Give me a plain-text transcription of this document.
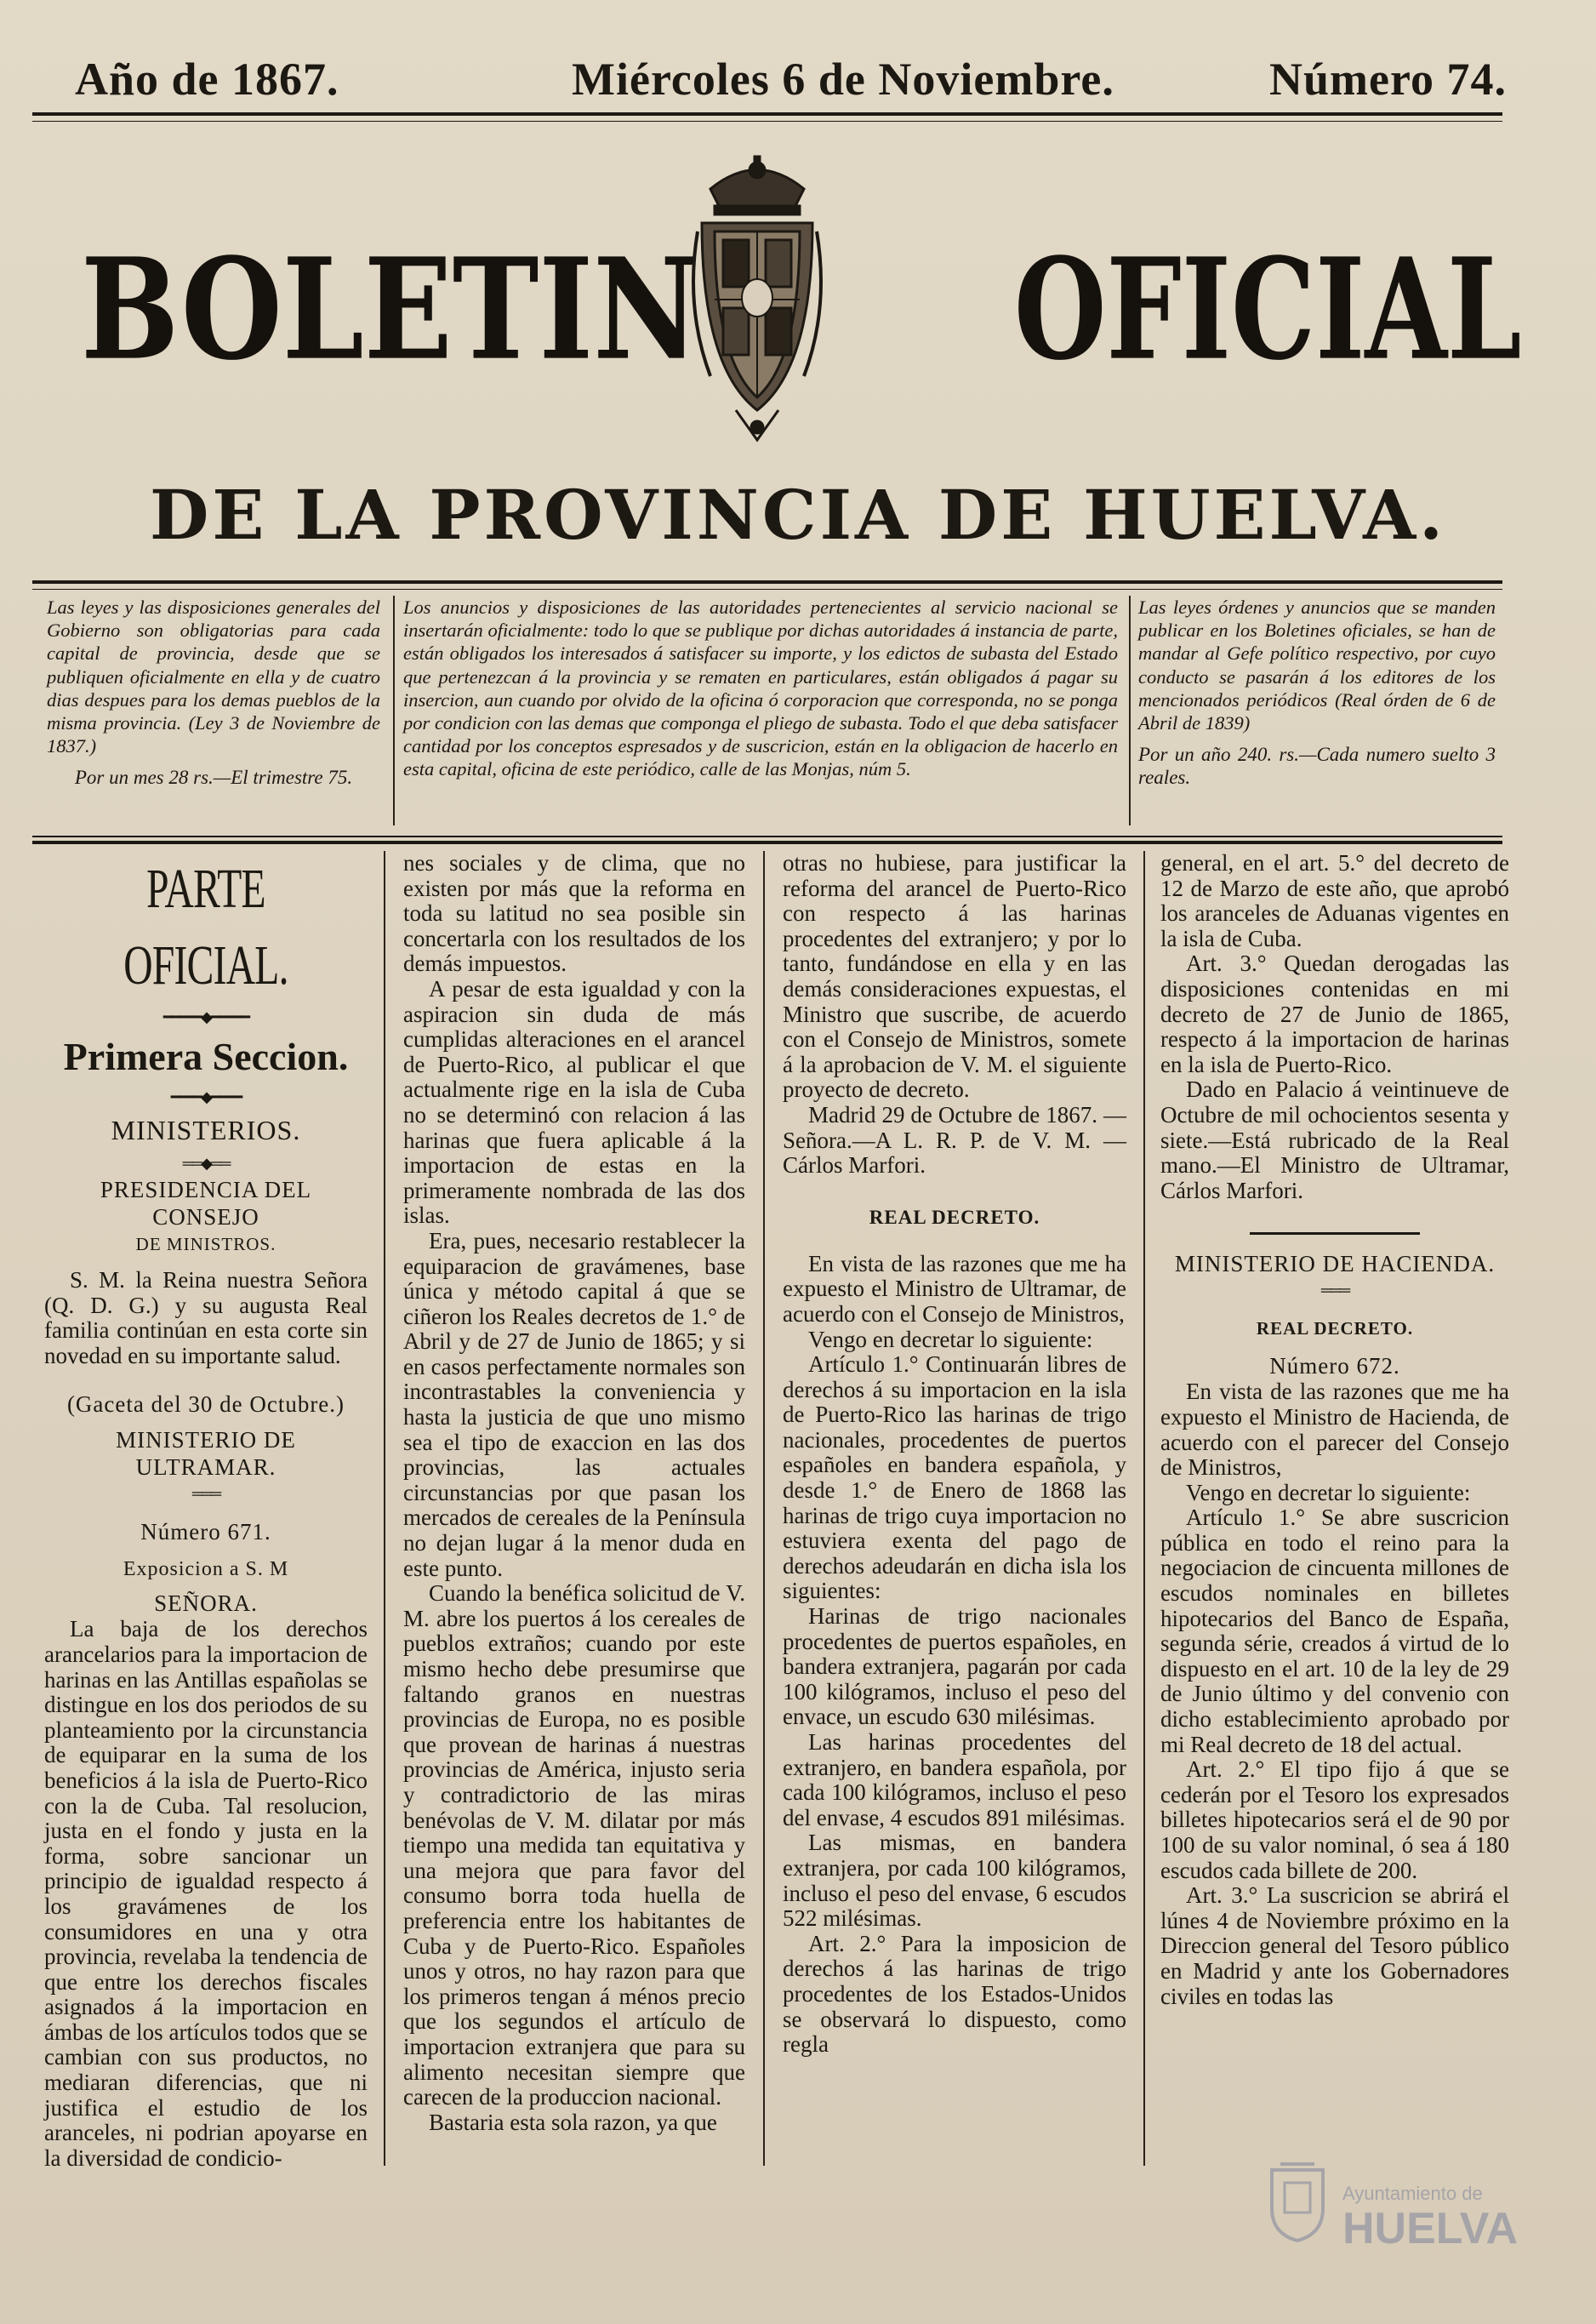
Año de 1867.	Miércoles 6 de Noviembre.	Número 74.
BOLETIN OFICIAL
DE LA PROVINCIA DE HUELVA.

Las leyes y las disposiciones generales del Gobierno son obligatorias para cada capital de provincia, desde que se publiquen oficialmente en ella y de cuatro dias despues para los demas pueblos de la misma provincia. (Ley 3 de Noviembre de 1837.)

Por un mes 28 rs.—El trimestre 75.

Los anuncios y disposiciones de las autoridades pertenecientes al servicio nacional se insertarán oficialmente: todo lo que se publique por dichas autoridades á instancia de parte, están obligados los interesados á satisfacer su importe, y los edictos de subasta del Estado que pertenezcan á la provincia y se rematen en particulares, están obligados á pagar su insercion, aun cuando por olvido de la oficina ó corporacion que corresponda, no se ponga por condicion con las demas que componga el pliego de subasta. Todo el que deba satisfacer cantidad por los conceptos espresados y de suscricion, están en la obligacion de hacerlo en esta capital, oficina de este periódico, calle de las Monjas, núm 5.

Las leyes órdenes y anuncios que se manden publicar en los Boletines oficiales, se han de mandar al Gefe político respectivo, por cuyo conducto se pasarán á los editores de los mencionados periódicos (Real órden de 6 de Abril de 1839)

Por un año 240. rs.—Cada numero suelto 3 reales.

PARTE OFICIAL.
━━━━━◆━━━━━
Primera Seccion.
━━━━◆━━━━
MINISTERIOS.
══◆══
PRESIDENCIA DEL CONSEJO
DE MINISTROS.

S. M. la Reina nuestra Señora (Q. D. G.) y su augusta Real familia continúan en esta corte sin novedad en su importante salud.

(Gaceta del 30 de Octubre.)
MINISTERIO DE ULTRAMAR.
═══
Número 671.
Exposicion a S. M
SEÑORA.

La baja de los derechos arancelarios para la importacion de harinas en las Antillas españolas se distingue en los dos periodos de su planteamiento por la circunstancia de equiparar en la suma de los beneficios á la isla de Puerto-Rico con la de Cuba. Tal resolucion, justa en el fondo y justa en la forma, sobre sancionar un principio de igualdad respecto á los gravámenes de los consumidores en una y otra provincia, revelaba la tendencia de que entre los derechos fiscales asignados á la importacion en ámbas de los artículos todos que se cambian con sus productos, no mediaran diferencias, que ni justifica el estudio de los aranceles, ni podrian apoyarse en la diversidad de condicio-

nes sociales y de clima, que no existen por más que la reforma en toda su latitud no sea posible sin concertarla con los resultados de los demás impuestos.

A pesar de esta igualdad y con la aspiracion sin duda de más cumplidas alteraciones en el arancel de Puerto-Rico, al publicar el que actualmente rige en la isla de Cuba no se determinó con relacion á las harinas que fuera aplicable á la importacion de estas en la primeramente nombrada de las dos islas.

Era, pues, necesario restablecer la equiparacion de gravámenes, base única y método capital á que se ciñeron los Reales decretos de 1.° de Abril y de 27 de Junio de 1865; y si en casos perfectamente normales son incontrastables la conveniencia y hasta la justicia de que uno mismo sea el tipo de exaccion en las dos provincias, las actuales circunstancias por que pasan los mercados de cereales de la Península no dejan lugar á la menor duda en este punto.

Cuando la benéfica solicitud de V. M. abre los puertos á los cereales de pueblos extraños; cuando por este mismo hecho debe presumirse que faltando granos en nuestras provincias de Europa, no es posible que provean de harinas á nuestras provincias de América, injusto seria y contradictorio de las miras benévolas de V. M. dilatar por más tiempo una medida tan equitativa y una mejora que para favor del consumo borra toda huella de preferencia entre los habitantes de Cuba y de Puerto-Rico. Españoles unos y otros, no hay razon para que los primeros tengan á ménos precio que los segundos el artículo de importacion extranjera que para su alimento necesitan siempre que carecen de la produccion nacional.

Bastaria esta sola razon, ya que

otras no hubiese, para justificar la reforma del arancel de Puerto-Rico con respecto á las harinas procedentes del extranjero; y por lo tanto, fundándose en ella y en las demás consideraciones expuestas, el Ministro que suscribe, de acuerdo con el Consejo de Ministros, somete á la aprobacion de V. M. el siguiente proyecto de decreto.

Madrid 29 de Octubre de 1867. —Señora.—A L. R. P. de V. M. —Cárlos Marfori.

REAL DECRETO.

En vista de las razones que me ha expuesto el Ministro de Ultramar, de acuerdo con el Consejo de Ministros,

Vengo en decretar lo siguiente:

Artículo 1.° Continuarán libres de derechos á su importacion en la isla de Puerto-Rico las harinas de trigo nacionales, procedentes de puertos españoles en bandera española, y desde 1.° de Enero de 1868 las harinas de trigo cuya importacion no estuviera exenta del pago de derechos adeudarán en dicha isla los siguientes:

Harinas de trigo nacionales procedentes de puertos españoles, en bandera extranjera, pagarán por cada 100 kilógramos, incluso el peso del envace, un escudo 630 milésimas.

Las harinas procedentes del extranjero, en bandera española, por cada 100 kilógramos, incluso el peso del envase, 4 escudos 891 milésimas.

Las mismas, en bandera extranjera, por cada 100 kilógramos, incluso el peso del envase, 6 escudos 522 milésimas.

Art. 2.° Para la imposicion de derechos á las harinas de trigo procedentes de los Estados-Unidos se observará lo dispuesto, como regla

general, en el art. 5.° del decreto de 12 de Marzo de este año, que aprobó los aranceles de Aduanas vigentes en la isla de Cuba.

Art. 3.° Quedan derogadas las disposiciones contenidas en mi decreto de 27 de Junio de 1865, respecto á la importacion de harinas en la isla de Puerto-Rico.

Dado en Palacio á veintinueve de Octubre de mil ochocientos sesenta y siete.—Está rubricado de la Real mano.—El Ministro de Ultramar, Cárlos Marfori.

MINISTERIO DE HACIENDA.
═══
REAL DECRETO.
Número 672.

En vista de las razones que me ha expuesto el Ministro de Hacienda, de acuerdo con el parecer del Consejo de Ministros,

Vengo en decretar lo siguiente:

Artículo 1.° Se abre suscricion pública en todo el reino para la negociacion de cincuenta millones de escudos nominales en billetes hipotecarios del Banco de España, segunda série, creados á virtud de lo dispuesto en el art. 10 de la ley de 29 de Junio último y del convenio con dicho establecimiento aprobado por mi Real decreto de 18 del actual.

Art. 2.° El tipo fijo á que se cederán por el Tesoro los expresados billetes hipotecarios será el de 90 por 100 de su valor nominal, ó sea á 180 escudos cada billete de 200.

Art. 3.° La suscricion se abrirá el lúnes 4 de Noviembre próximo en la Direccion general del Tesoro público en Madrid y ante los Gobernadores civiles en todas las

Ayuntamiento de
HUELVA
